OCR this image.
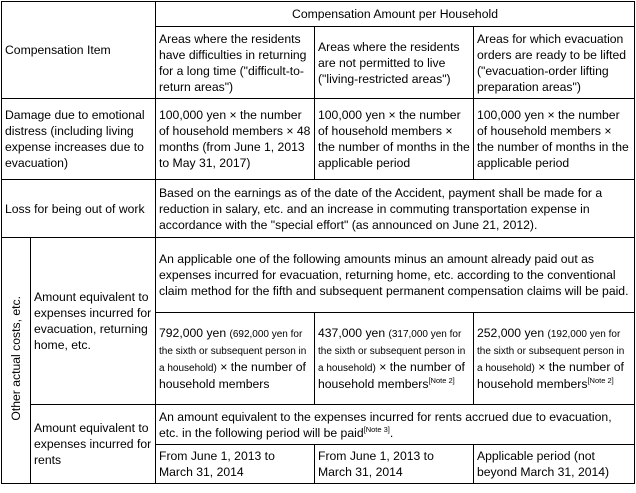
Compensation Item		Compensation Amount per Household		
		Areas where the residents have difficulties in returning for a long time ("difficult-to-return areas")	Areas where the residents are not permitted to live ("living-restricted areas")	Areas for which evacuation orders are ready to be lifted ("evacuation-order lifting preparation areas")
Damage due to emotional distress (including living expense increases due to evacuation)		100,000 yen × the number of household members × 48 months (from June 1, 2013 to May 31, 2017)	100,000 yen × the number of household members × the number of months in the applicable period	100,000 yen × the number of household members × the number of months in the applicable period
Loss for being out of work		Based on the earnings as of the date of the Accident, payment shall be made for a reduction in salary, etc. and an increase in commuting transportation expense in accordance with the "special effort" (as announced on June 21, 2012).		
Other actual costs, etc.	Amount equivalent to expenses incurred for evacuation, returning home, etc.	An applicable one of the following amounts minus an amount already paid out as expenses incurred for evacuation, returning home, etc. according to the conventional claim method for the fifth and subsequent permanent compensation claims will be paid.		
		792,000 yen (692,000 yen for the sixth or subsequent person in a household) × the number of household members	437,000 yen (317,000 yen for the sixth or subsequent person in a household) × the number of household members[Note 2]	252,000 yen (192,000 yen for the sixth or subsequent person in a household) × the number of household members[Note 2]
	Amount equivalent to expenses incurred for rents	An amount equivalent to the expenses incurred for rents accrued due to evacuation, etc. in the following period will be paid[Note 3].		
		From June 1, 2013 to March 31, 2014	From June 1, 2013 to March 31, 2014	Applicable period (not beyond March 31, 2014)
